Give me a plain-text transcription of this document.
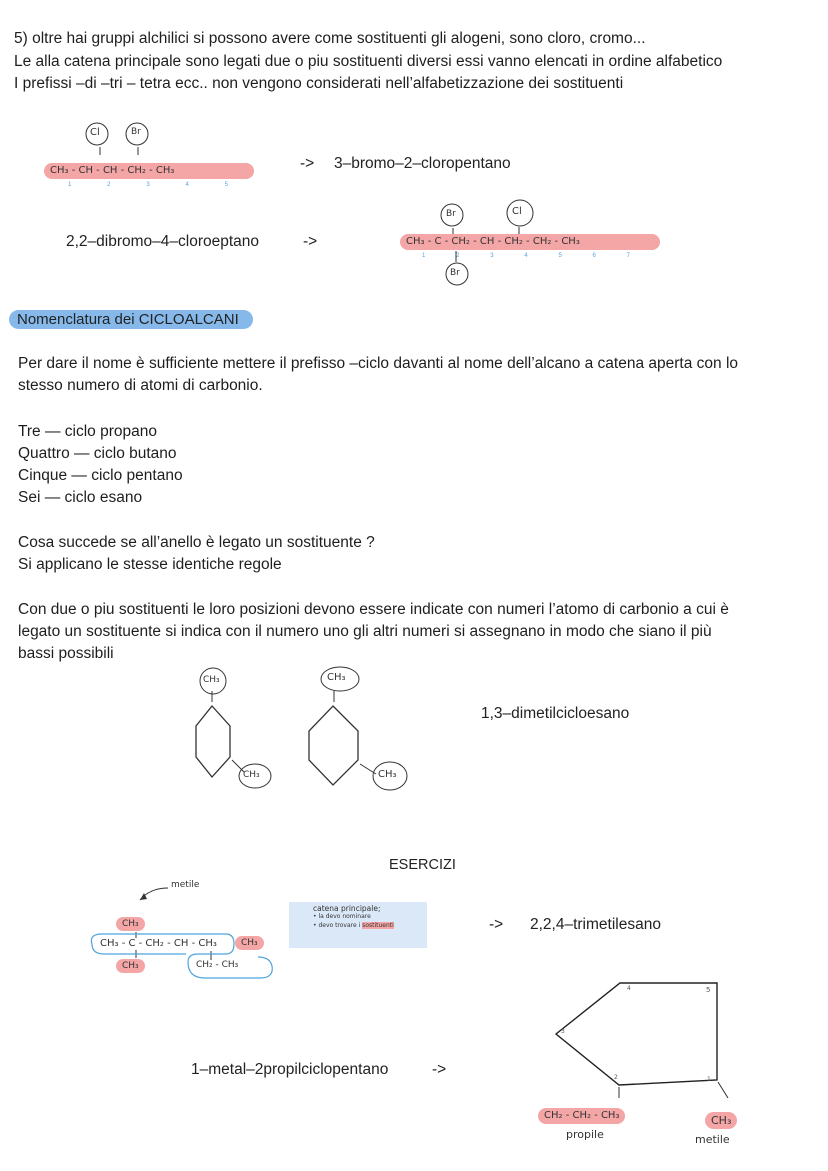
5) oltre hai gruppi alchilici si possono avere come sostituenti gli alogeni, sono cloro, cromo...
Le alla catena principale sono legati due o piu sostituenti diversi essi vanno elencati in ordine alfabetico
I prefissi –di –tri – tetra ecc.. non vengono considerati nell’alfabetizzazione dei sostituenti
Cl	Br
CH₃ - CH - CH - CH₂ - CH₃
1	2	3	4	5
-> 3–bromo–2–cloropentano
2,2–dibromo–4–cloroeptano	->
Br	Cl
CH₃ - C - CH₂ - CH - CH₂ - CH₂ - CH₃
1	2	3	4	5	6	7
Br
Nomenclatura dei CICLOALCANI
Per dare il nome è sufficiente mettere il prefisso –ciclo davanti al nome dell’alcano a catena aperta con lo
stesso numero di atomi di carbonio.
Tre — ciclo propano
Quattro — ciclo butano
Cinque — ciclo pentano
Sei — ciclo esano
Cosa succede se all’anello è legato un sostituente ?
Si applicano le stesse identiche regole
Con due o piu sostituenti le loro posizioni devono essere indicate con numeri l’atomo di carbonio a cui è
legato un sostituente si indica con il numero uno gli altri numeri si assegnano in modo che siano il più
bassi possibili
CH₃
CH₃
CH₃
CH₃
1,3–dimetilcicloesano
ESERCIZI
metile
CH₃
CH₃ - C - CH₂ - CH - CH₃	CH₃
CH₃	CH₂ - CH₃
catena principale;
• la devo nominare
• devo trovare i sostituenti	-> 2,2,4–trimetilesano
1–metal–2propilciclopentano	->
1
2
3
4	5
CH₂ - CH₂ - CH₃
propile
CH₃
metile
